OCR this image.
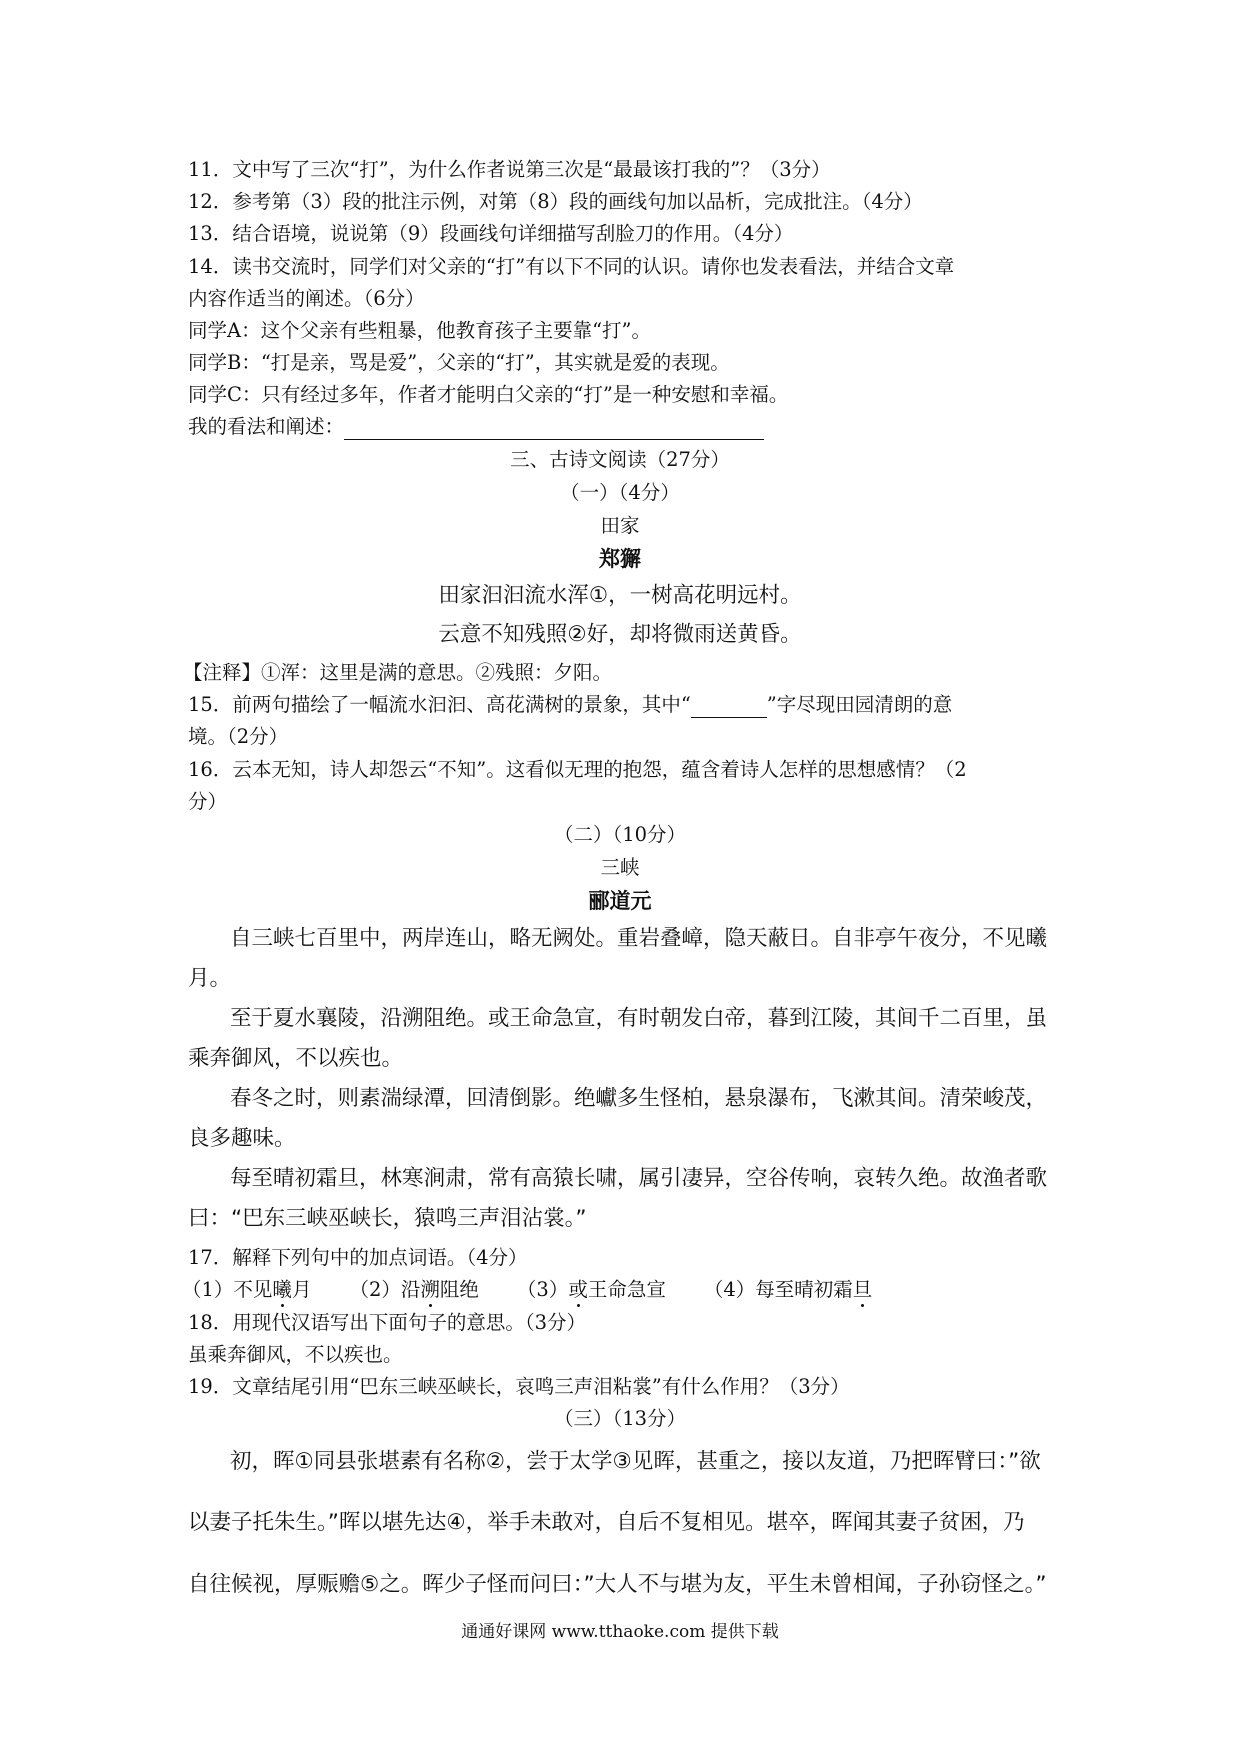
11．文中写了三次“打”，为什么作者说第三次是“最最该打我的”？（3分）
12．参考第（3）段的批注示例，对第（8）段的画线句加以品析，完成批注。（4分）
13．结合语境，说说第（9）段画线句详细描写刮脸刀的作用。（4分）
14．读书交流时，同学们对父亲的“打”有以下不同的认识。请你也发表看法，并结合文章
内容作适当的阐述。（6分）
同学A：这个父亲有些粗暴，他教育孩子主要靠“打”。
同学B：“打是亲，骂是爱”，父亲的“打”，其实就是爱的表现。
同学C：只有经过多年，作者才能明白父亲的“打”是一种安慰和幸福。
我的看法和阐述：
三、古诗文阅读（27分）
（一）（4分）
田家
郑獬
田家汩汩流水浑①，一树高花明远村。
云意不知残照②好，却将微雨送黄昏。
【注释】①浑：这里是满的意思。②残照：夕阳。
15．前两句描绘了一幅流水汩汩、高花满树的景象，其中“	”字尽现田园清朗的意
境。（2分）
16．云本无知，诗人却怨云“不知”。这看似无理的抱怨，蕴含着诗人怎样的思想感情？（2
分）
（二）（10分）
三峡
郦道元
自三峡七百里中，两岸连山，略无阙处。重岩叠嶂，隐天蔽日。自非亭午夜分，不见曦
月。
至于夏水襄陵，沿溯阻绝。或王命急宣，有时朝发白帝，暮到江陵，其间千二百里，虽
乘奔御风，不以疾也。
春冬之时，则素湍绿潭，回清倒影。绝巘多生怪柏，悬泉瀑布，飞漱其间。清荣峻茂，
良多趣味。
每至晴初霜旦，林寒涧肃，常有高猿长啸，属引凄异，空谷传响，哀转久绝。故渔者歌
曰：“巴东三峡巫峡长，猿鸣三声泪沾裳。”
17．解释下列句中的加点词语。（4分）
（1）不见曦月 （2）沿溯阻绝 （3）或王命急宣 （4）每至晴初霜旦
18．用现代汉语写出下面句子的意思。（3分）
虽乘奔御风，不以疾也。
19．文章结尾引用“巴东三峡巫峡长，哀鸣三声泪粘裳”有什么作用？（3分）
（三）（13分）
初，晖①同县张堪素有名称②，尝于太学③见晖，甚重之，接以友道，乃把晖臂曰：”欲
以妻子托朱生。”晖以堪先达④，举手未敢对，自后不复相见。堪卒，晖闻其妻子贫困，乃
自往候视，厚赈赡⑤之。晖少子怪而问曰：”大人不与堪为友，平生未曾相闻，子孙窃怪之。”
通通好课网 www.tthaoke.com 提供下载
